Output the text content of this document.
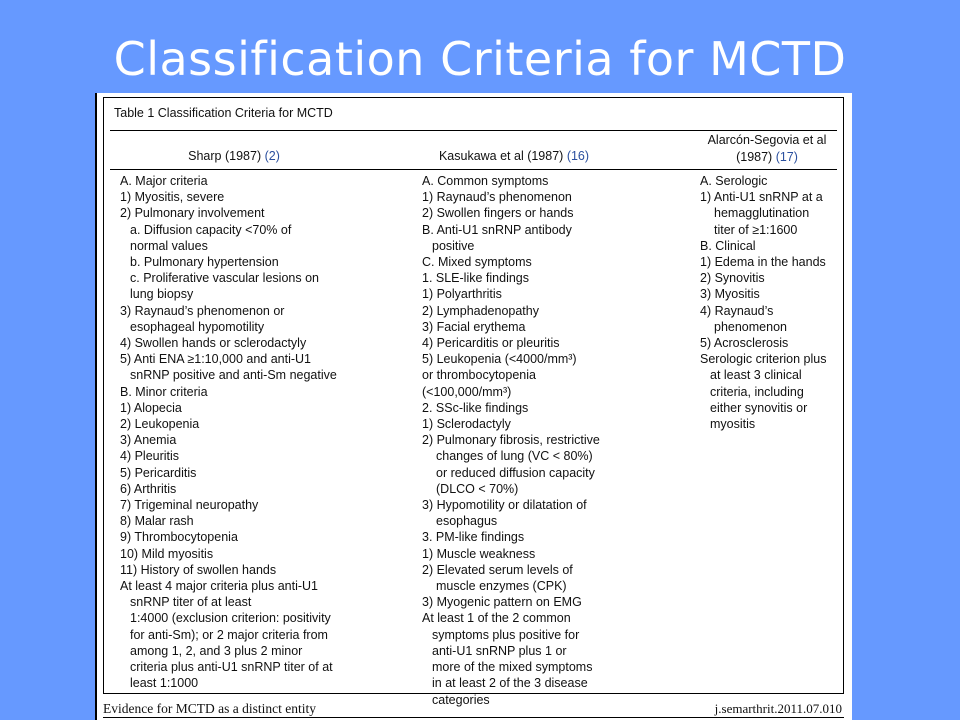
Classification Criteria for MCTD
Table 1 Classification Criteria for MCTD
Sharp (1987) (2)	Kasukawa et al (1987) (16)
Alarcón-Segovia et al
(1987) (17)
A. Major criteria
1) Myositis, severe
2) Pulmonary involvement
a. Diffusion capacity <70% of
normal values
b. Pulmonary hypertension
c. Proliferative vascular lesions on
lung biopsy
3) Raynaud’s phenomenon or
esophageal hypomotility
4) Swollen hands or sclerodactyly
5) Anti ENA ≥1:10,000 and anti-U1
snRNP positive and anti-Sm negative
B. Minor criteria
1) Alopecia
2) Leukopenia
3) Anemia
4) Pleuritis
5) Pericarditis
6) Arthritis
7) Trigeminal neuropathy
8) Malar rash
9) Thrombocytopenia
10) Mild myositis
11) History of swollen hands
At least 4 major criteria plus anti-U1
snRNP titer of at least
1:4000 (exclusion criterion: positivity
for anti-Sm); or 2 major criteria from
among 1, 2, and 3 plus 2 minor
criteria plus anti-U1 snRNP titer of at
least 1:1000
A. Common symptoms
1) Raynaud’s phenomenon
2) Swollen fingers or hands
B. Anti-U1 snRNP antibody
positive
C. Mixed symptoms
1. SLE-like findings
1) Polyarthritis
2) Lymphadenopathy
3) Facial erythema
4) Pericarditis or pleuritis
5) Leukopenia (<4000/mm³)
or thrombocytopenia
(<100,000/mm³)
2. SSc-like findings
1) Sclerodactyly
2) Pulmonary fibrosis, restrictive
changes of lung (VC < 80%)
or reduced diffusion capacity
(DLCO < 70%)
3) Hypomotility or dilatation of
esophagus
3. PM-like findings
1) Muscle weakness
2) Elevated serum levels of
muscle enzymes (CPK)
3) Myogenic pattern on EMG
At least 1 of the 2 common
symptoms plus positive for
anti-U1 snRNP plus 1 or
more of the mixed symptoms
in at least 2 of the 3 disease
categories
A. Serologic
1) Anti-U1 snRNP at a
hemagglutination
titer of ≥1:1600
B. Clinical
1) Edema in the hands
2) Synovitis
3) Myositis
4) Raynaud’s
phenomenon
5) Acrosclerosis
Serologic criterion plus
at least 3 clinical
criteria, including
either synovitis or
myositis
Evidence for MCTD as a distinct entity	j.semarthrit.2011.07.010
